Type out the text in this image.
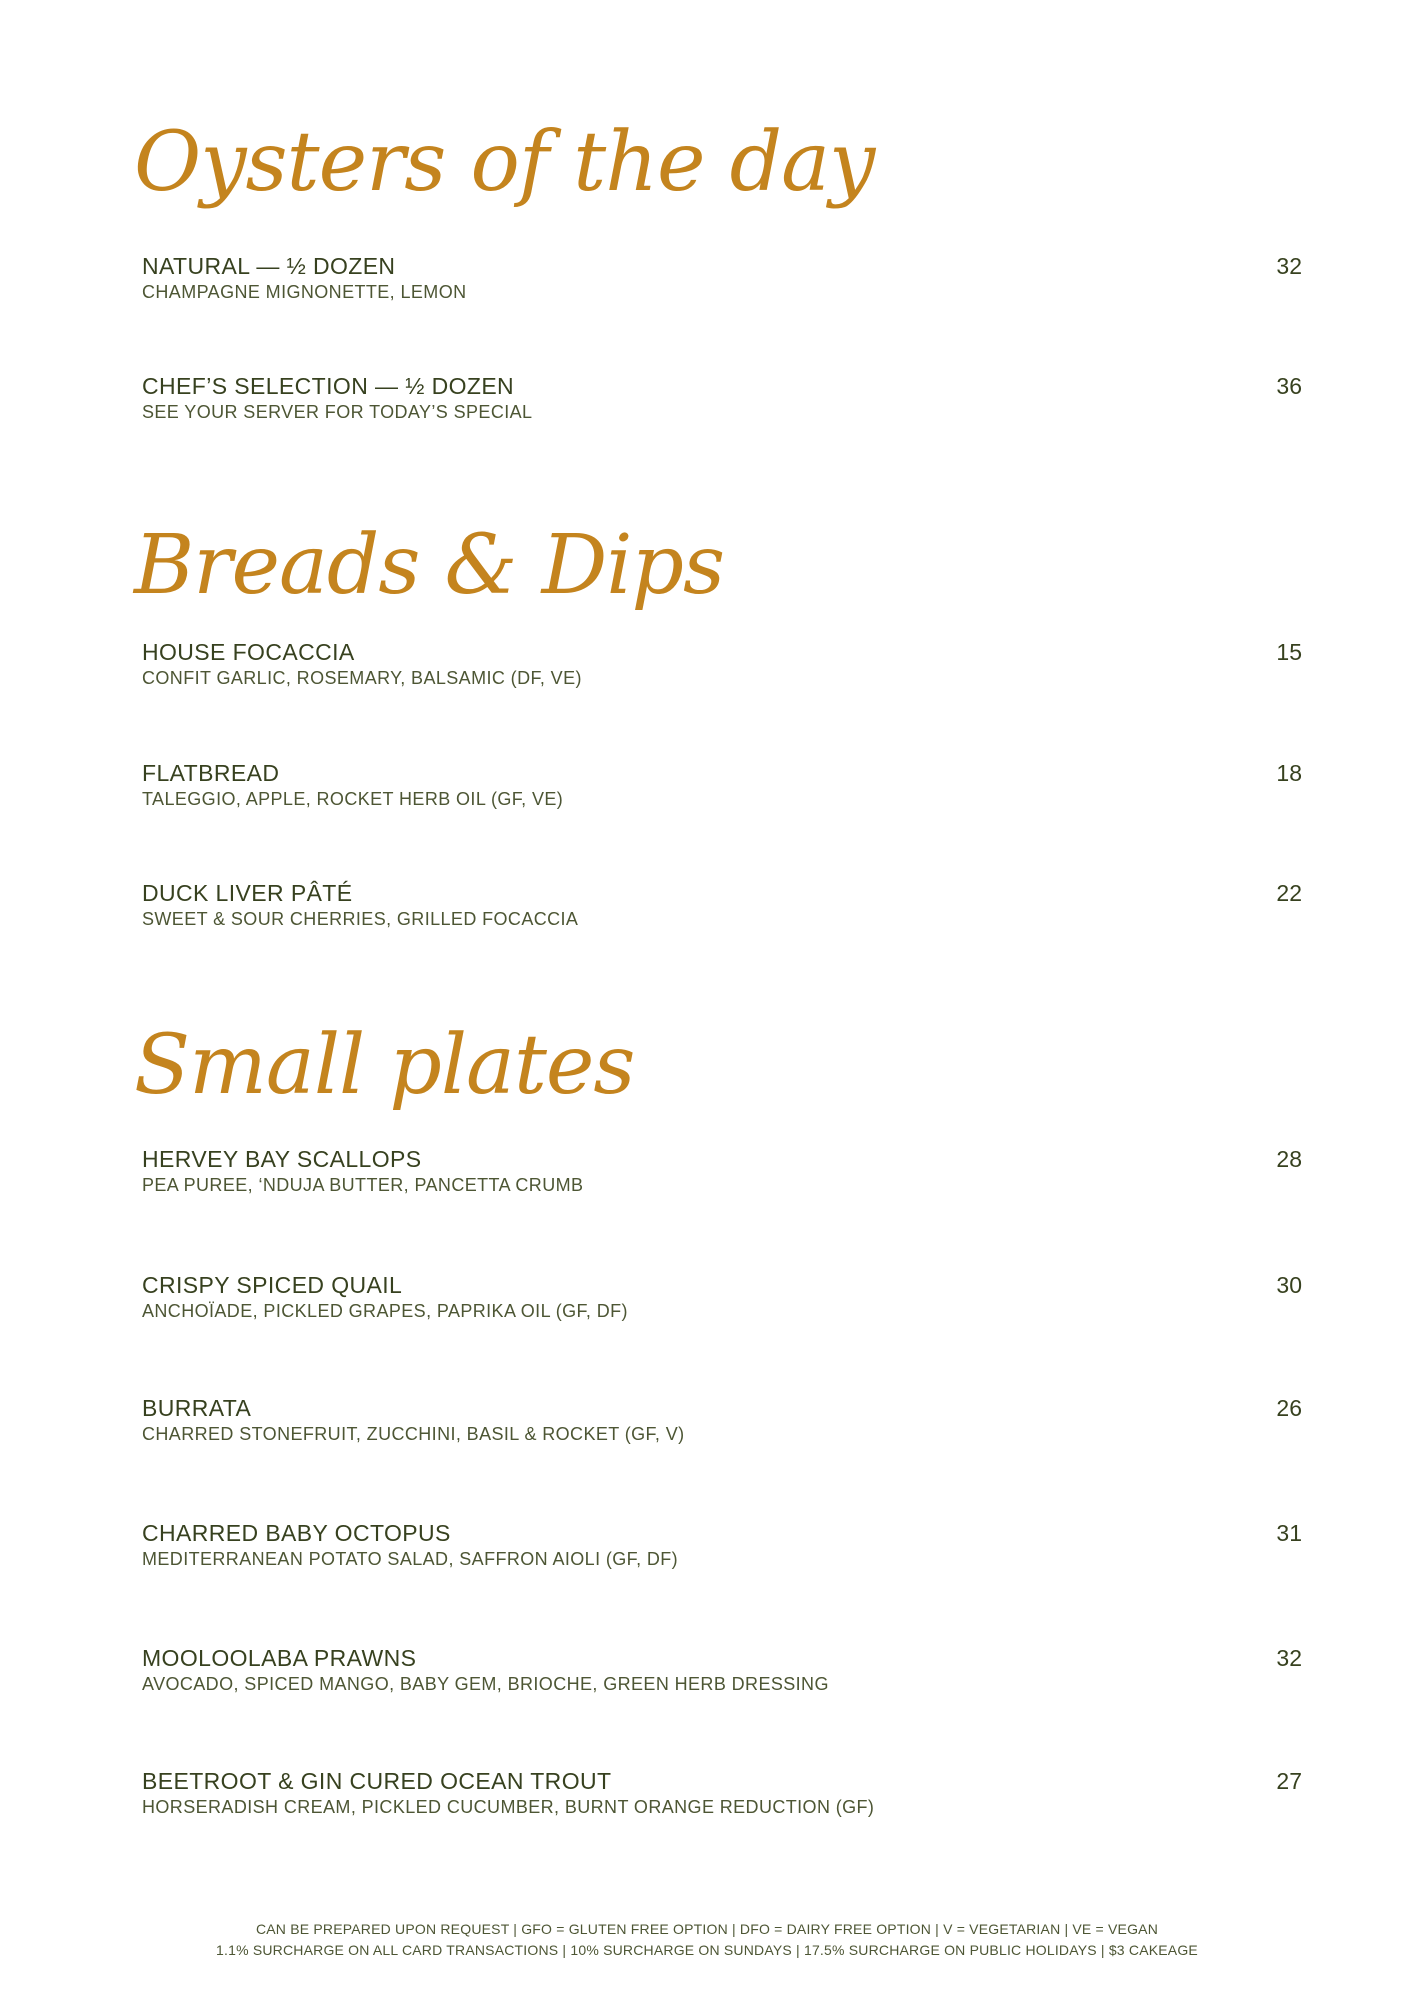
Oysters of the day
NATURAL — ½ DOZEN
CHAMPAGNE MIGNONETTE, LEMON
32
CHEF’S SELECTION — ½ DOZEN
SEE YOUR SERVER FOR TODAY’S SPECIAL
36
Breads & Dips
HOUSE FOCACCIA
CONFIT GARLIC, ROSEMARY, BALSAMIC (DF, VE)
15
FLATBREAD
TALEGGIO, APPLE, ROCKET HERB OIL (GF, VE)
18
DUCK LIVER PÂTÉ
SWEET & SOUR CHERRIES, GRILLED FOCACCIA
22
Small plates
HERVEY BAY SCALLOPS
PEA PUREE, ‘NDUJA BUTTER, PANCETTA CRUMB
28
CRISPY SPICED QUAIL
ANCHOÏADE, PICKLED GRAPES, PAPRIKA OIL (GF, DF)
30
BURRATA
CHARRED STONEFRUIT, ZUCCHINI, BASIL & ROCKET (GF, V)
26
CHARRED BABY OCTOPUS
MEDITERRANEAN POTATO SALAD, SAFFRON AIOLI (GF, DF)
31
MOOLOOLABA PRAWNS
AVOCADO, SPICED MANGO, BABY GEM, BRIOCHE, GREEN HERB DRESSING
32
BEETROOT & GIN CURED OCEAN TROUT
HORSERADISH CREAM, PICKLED CUCUMBER, BURNT ORANGE REDUCTION (GF)
27
CAN BE PREPARED UPON REQUEST | GFO = GLUTEN FREE OPTION | DFO = DAIRY FREE OPTION | V = VEGETARIAN | VE = VEGAN
1.1% SURCHARGE ON ALL CARD TRANSACTIONS | 10% SURCHARGE ON SUNDAYS | 17.5% SURCHARGE ON PUBLIC HOLIDAYS | $3 CAKEAGE
